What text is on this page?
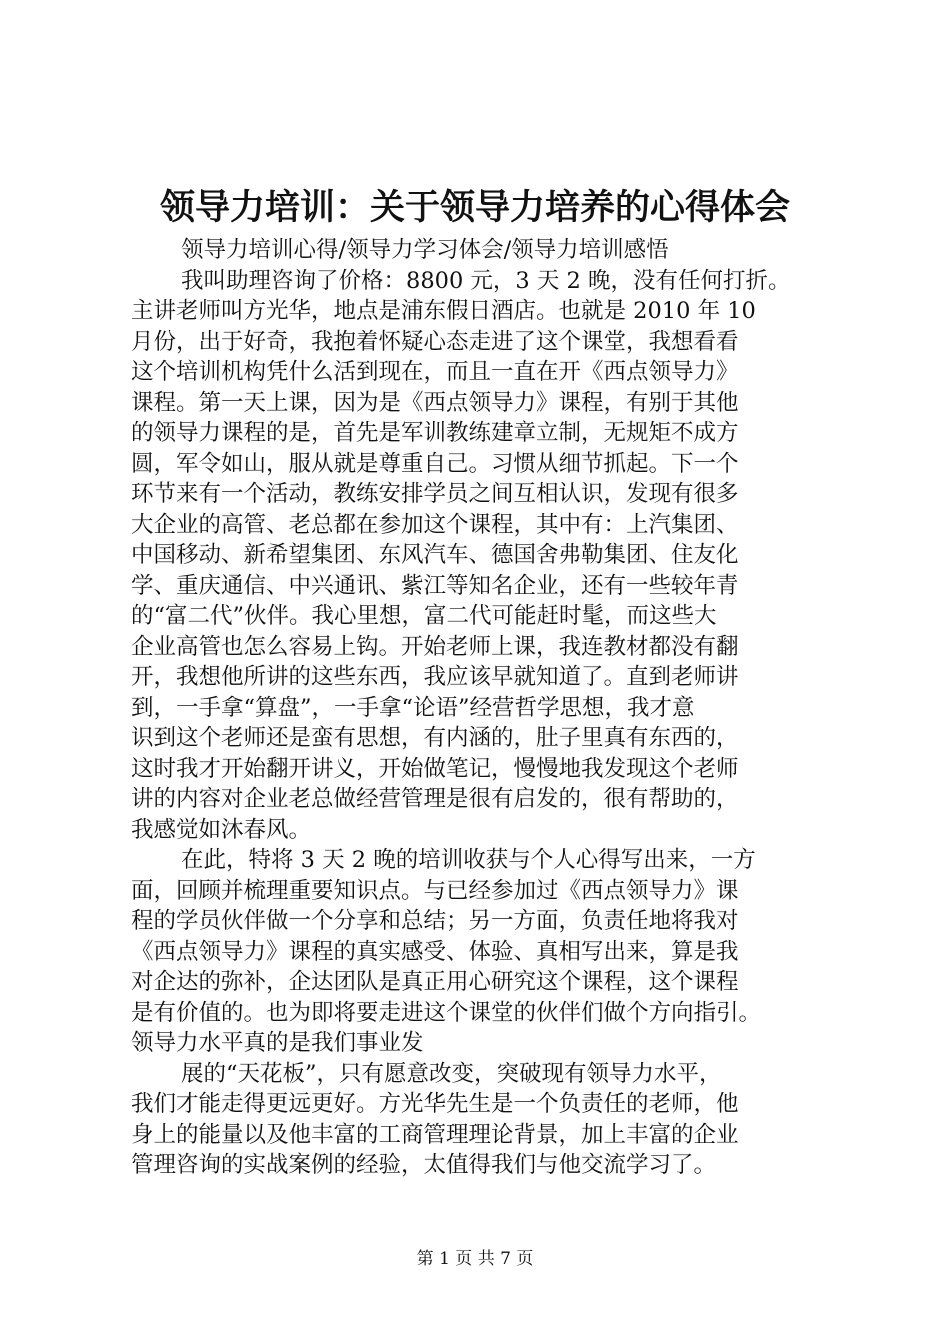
领导力培训：关于领导力培养的心得体会

领导力培训心得/领导力学习体会/领导力培训感悟

我叫助理咨询了价格：8800 元，3 天 2 晚，没有任何打折。

主讲老师叫方光华，地点是浦东假日酒店。也就是 2010 年 10

月份，出于好奇，我抱着怀疑心态走进了这个课堂，我想看看

这个培训机构凭什么活到现在，而且一直在开《西点领导力》

课程。第一天上课，因为是《西点领导力》课程，有别于其他

的领导力课程的是，首先是军训教练建章立制，无规矩不成方

圆，军令如山，服从就是尊重自己。习惯从细节抓起。下一个

环节来有一个活动，教练安排学员之间互相认识，发现有很多

大企业的高管、老总都在参加这个课程，其中有：上汽集团、

中国移动、新希望集团、东风汽车、德国舍弗勒集团、住友化

学、重庆通信、中兴通讯、紫江等知名企业，还有一些较年青

的“富二代”伙伴。我心里想，富二代可能赶时髦，而这些大

企业高管也怎么容易上钩。开始老师上课，我连教材都没有翻

开，我想他所讲的这些东西，我应该早就知道了。直到老师讲

到，一手拿“算盘”，一手拿“论语”经营哲学思想，我才意

识到这个老师还是蛮有思想，有内涵的，肚子里真有东西的，

这时我才开始翻开讲义，开始做笔记，慢慢地我发现这个老师

讲的内容对企业老总做经营管理是很有启发的，很有帮助的，

我感觉如沐春风。

在此，特将 3 天 2 晚的培训收获与个人心得写出来，一方

面，回顾并梳理重要知识点。与已经参加过《西点领导力》课

程的学员伙伴做一个分享和总结；另一方面，负责任地将我对

《西点领导力》课程的真实感受、体验、真相写出来，算是我

对企达的弥补，企达团队是真正用心研究这个课程，这个课程

是有价值的。也为即将要走进这个课堂的伙伴们做个方向指引。

领导力水平真的是我们事业发

展的“天花板”，只有愿意改变，突破现有领导力水平，

我们才能走得更远更好。方光华先生是一个负责任的老师，他

身上的能量以及他丰富的工商管理理论背景，加上丰富的企业

管理咨询的实战案例的经验，太值得我们与他交流学习了。

第 1 页 共 7 页
